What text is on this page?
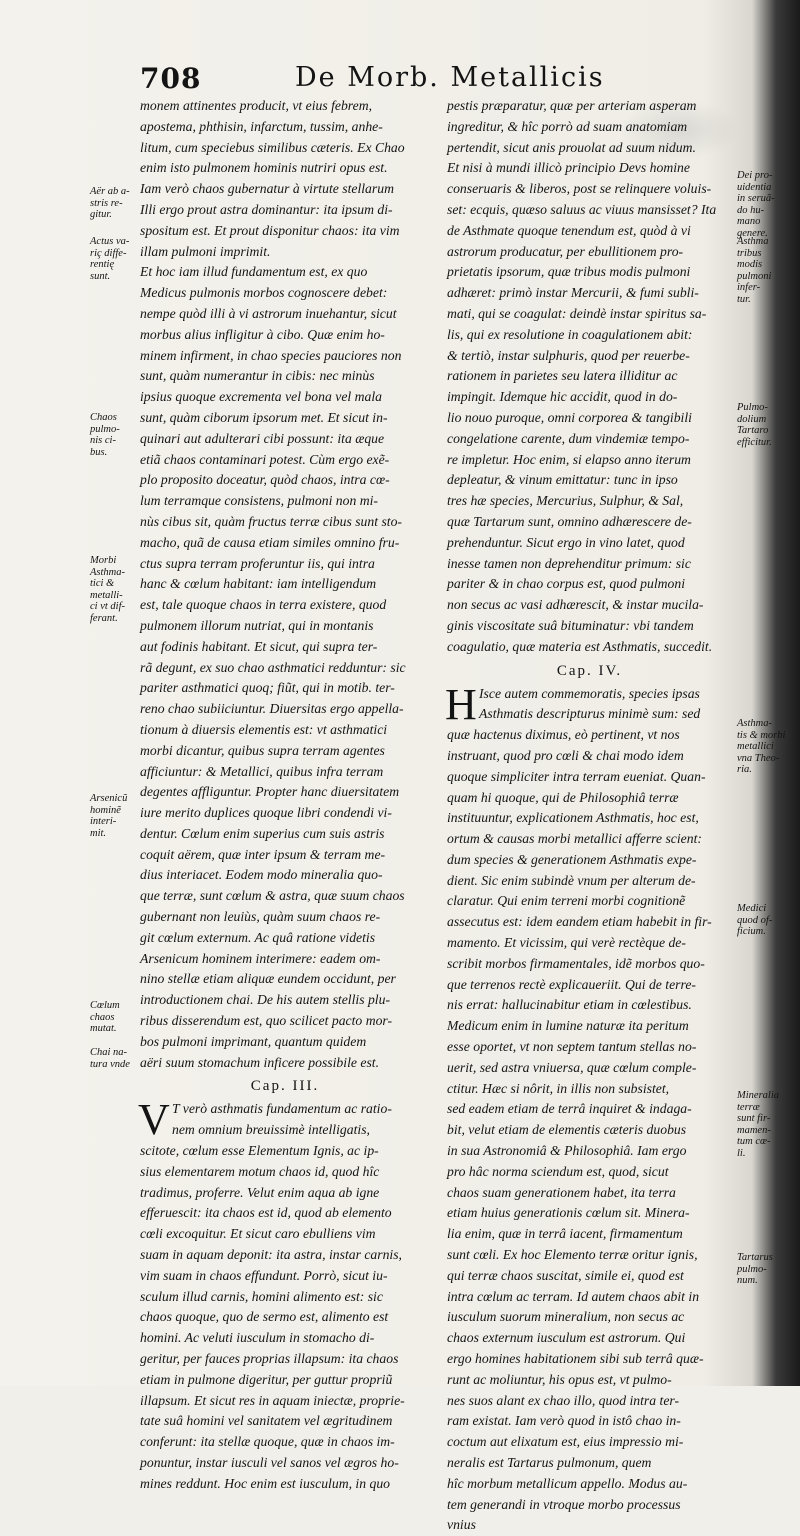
708	De Morb. Metallicis
monem attinentes producit, vt eius febrem,
apostema, phthisin, infarctum, tussim, anhe-
litum, cum speciebus similibus cæteris. Ex Chao
enim isto pulmonem hominis nutriri opus est.
Iam verò chaos gubernatur à virtute stellarum
Illi ergo prout astra dominantur: ita ipsum di-
spositum est. Et prout disponitur chaos: ita vim
illam pulmoni imprimit.
Et hoc iam illud fundamentum est, ex quo
Medicus pulmonis morbos cognoscere debet:
nempe quòd illi à vi astrorum inuehantur, sicut
morbus alius infligitur à cibo. Quæ enim ho-
minem infirment, in chao species pauciores non
sunt, quàm numerantur in cibis: nec minùs
ipsius quoque excrementa vel bona vel mala
sunt, quàm ciborum ipsorum met. Et sicut in-
quinari aut adulterari cibi possunt: ita æque
etiã chaos contaminari potest. Cùm ergo exẽ-
plo proposito doceatur, quòd chaos, intra cœ-
lum terramque consistens, pulmoni non mi-
nùs cibus sit, quàm fructus terræ cibus sunt sto-
macho, quã de causa etiam similes omnino fru-
ctus supra terram proferuntur iis, qui intra
hanc & cœlum habitant: iam intelligendum
est, tale quoque chaos in terra existere, quod
pulmonem illorum nutriat, qui in montanis
aut fodinis habitant. Et sicut, qui supra ter-
rã degunt, ex suo chao asthmatici redduntur: sic
pariter asthmatici quoq; fiũt, qui in motib. ter-
reno chao subiiciuntur. Diuersitas ergo appella-
tionum à diuersis elementis est: vt asthmatici
morbi dicantur, quibus supra terram agentes
afficiuntur: & Metallici, quibus infra terram
degentes affliguntur. Propter hanc diuersitatem
iure merito duplices quoque libri condendi vi-
dentur. Cœlum enim superius cum suis astris
coquit aërem, quæ inter ipsum & terram me-
dius interiacet. Eodem modo mineralia quo-
que terræ, sunt cœlum & astra, quæ suum chaos
gubernant non leuiùs, quàm suum chaos re-
git cœlum externum. Ac quâ ratione videtis
Arsenicum hominem interimere: eadem om-
nino stellæ etiam aliquæ eundem occidunt, per
introductionem chai. De his autem stellis plu-
ribus disserendum est, quo scilicet pacto mor-
bos pulmoni imprimant, quantum quidem
aëri suum stomachum inficere possibile est.
Cap. III.
V T verò asthmatis fundamentum ac ratio-
nem omnium breuissimè intelligatis,
scitote, cœlum esse Elementum Ignis, ac ip-
sius elementarem motum chaos id, quod hîc
tradimus, proferre. Velut enim aqua ab igne
efferuescit: ita chaos est id, quod ab elemento
cœli excoquitur. Et sicut caro ebulliens vim
suam in aquam deponit: ita astra, instar carnis,
vim suam in chaos effundunt. Porrò, sicut iu-
sculum illud carnis, homini alimento est: sic
chaos quoque, quo de sermo est, alimento est
homini. Ac veluti iusculum in stomacho di-
geritur, per fauces proprias illapsum: ita chaos
etiam in pulmone digeritur, per guttur propriũ
illapsum. Et sicut res in aquam iniectæ, proprie-
tate suâ homini vel sanitatem vel ægritudinem
conferunt: ita stellæ quoque, quæ in chaos im-
ponuntur, instar iusculi vel sanos vel ægros ho-
mines reddunt. Hoc enim est iusculum, in quo
pestis præparatur, quæ per arteriam asperam
ingreditur, & hîc porrò ad suam anatomiam
pertendit, sicut anis prouolat ad suum nidum.
Et nisi à mundi illicò principio Devs homine
conseruaris & liberos, post se relinquere voluis-
set: ecquis, quæso saluus ac viuus mansisset? Ita
de Asthmate quoque tenendum est, quòd à vi
astrorum producatur, per ebullitionem pro-
prietatis ipsorum, quæ tribus modis pulmoni
adhæret: primò instar Mercurii, & fumi subli-
mati, qui se coagulat: deindè instar spiritus sa-
lis, qui ex resolutione in coagulationem abit:
& tertiò, instar sulphuris, quod per reuerbe-
rationem in parietes seu latera illiditur ac
impingit. Idemque hic accidit, quod in do-
lio nouo puroque, omni corporea & tangibili
congelatione carente, dum vindemiæ tempo-
re impletur. Hoc enim, si elapso anno iterum
depleatur, & vinum emittatur: tunc in ipso
tres hæ species, Mercurius, Sulphur, & Sal,
quæ Tartarum sunt, omnino adhærescere de-
prehenduntur. Sicut ergo in vino latet, quod
inesse tamen non deprehenditur primum: sic
pariter & in chao corpus est, quod pulmoni
non secus ac vasi adhærescit, & instar mucila-
ginis viscositate suâ bituminatur: vbi tandem
coagulatio, quæ materia est Asthmatis, succedit.
Cap. IV.
H Isce autem commemoratis, species ipsas
Asthmatis descripturus minimè sum: sed
quæ hactenus diximus, eò pertinent, vt nos
instruant, quod pro cœli & chai modo idem
quoque simpliciter intra terram eueniat. Quan-
quam hi quoque, qui de Philosophiâ terræ
instituuntur, explicationem Asthmatis, hoc est,
ortum & causas morbi metallici afferre scient:
dum species & generationem Asthmatis expe-
dient. Sic enim subindè vnum per alterum de-
claratur. Qui enim terreni morbi cognitionẽ
assecutus est: idem eandem etiam habebit in fir-
mamento. Et vicissim, qui verè rectèque de-
scribit morbos firmamentales, idẽ morbos quo-
que terrenos rectè explicaueriit. Qui de terre-
nis errat: hallucinabitur etiam in cœlestibus.
Medicum enim in lumine naturæ ita peritum
esse oportet, vt non septem tantum stellas no-
uerit, sed astra vniuersa, quæ cœlum comple-
ctitur. Hæc si nôrit, in illis non subsistet,
sed eadem etiam de terrâ inquiret & indaga-
bit, velut etiam de elementis cæteris duobus
in sua Astronomiâ & Philosophiâ. Iam ergo
pro hâc norma sciendum est, quod, sicut
chaos suam generationem habet, ita terra
etiam huius generationis cœlum sit. Minera-
lia enim, quæ in terrâ iacent, firmamentum
sunt cœli. Ex hoc Elemento terræ oritur ignis,
qui terræ chaos suscitat, simile ei, quod est
intra cœlum ac terram. Id autem chaos abit in
iusculum suorum mineralium, non secus ac
chaos externum iusculum est astrorum. Qui
ergo homines habitationem sibi sub terrâ quæ-
runt ac moliuntur, his opus est, vt pulmo-
nes suos alant ex chao illo, quod intra ter-
ram existat. Iam verò quod in istô chao in-
coctum aut elixatum est, eius impressio mi-
neralis est Tartarus pulmonum, quem
hîc morbum metallicum appello. Modus au-
tem generandi in vtroque morbo processus
vnius
Aër ab a-
stris re-
gitur.
Actus va-
riç diffe-
rentię
sunt.
Chaos
pulmo-
nis ci-
bus.
Morbi
Asthma-
tici &
metalli-
ci vt dif-
ferant.
Arsenicũ
hominẽ
interi-
mit.
Cœlum
chaos
mutat.
Chai na-
tura vnde
Dei pro-
uidentia
in seruã-
do hu-
mano
genere.
Asthma
tribus
modis
pulmoni
infer-
tur.
Pulmo-
dolium
Tartaro
efficitur.
Asthma-
tis & morbi
metallici
vna Theo-
ria.
Medici
quod of-
ficium.
Mineralia
terræ
sunt fir-
mamen-
tum cœ-
li.
Tartarus
pulmo-
num.
